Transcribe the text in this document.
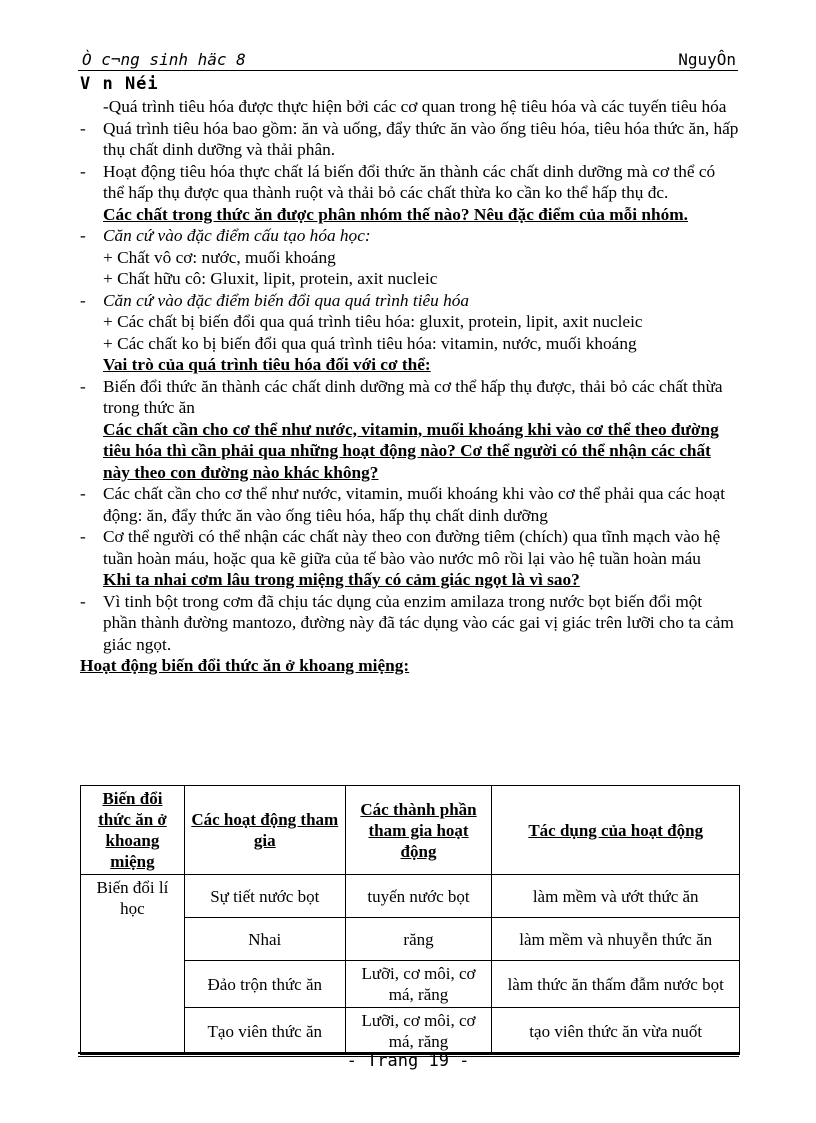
Ò c¬ng sinh häc 8	NguyÔn
V n Néi

-Quá trình tiêu hóa được thực hiện bởi các cơ quan trong hệ tiêu hóa và các tuyến tiêu hóa

- Quá trình tiêu hóa bao gồm: ăn và uống, đẩy thức ăn vào ống tiêu hóa, tiêu hóa thức ăn, hấp thụ chất dinh dưỡng và thải phân.

- Hoạt động tiêu hóa thực chất lá biến đổi thức ăn thành các chất dinh dưỡng mà cơ thể có thể hấp thụ được qua thành ruột và thải bỏ các chất thừa ko cần ko thể hấp thụ đc.

Các chất trong thức ăn được phân nhóm thế nào? Nêu đặc điểm của mỗi nhóm.

- Căn cứ vào đặc điểm cấu tạo hóa học:

+ Chất vô cơ: nước, muối khoáng

+ Chất hữu cô: Gluxit, lipit, protein, axit nucleic

- Căn cứ vào đặc điểm biến đổi qua quá trình tiêu hóa

+ Các chất bị biến đổi qua quá trình tiêu hóa: gluxit, protein, lipit, axit nucleic

+ Các chất ko bị biến đổi qua quá trình tiêu hóa: vitamin, nước, muối khoáng

Vai trò của quá trình tiêu hóa đối với cơ thể:

- Biến đổi thức ăn thành các chất dinh dưỡng mà cơ thể hấp thụ được, thải bỏ các chất thừa trong thức ăn

Các chất cần cho cơ thể như nước, vitamin, muối khoáng khi vào cơ thể theo đường tiêu hóa thì cần phải qua những hoạt động nào? Cơ thể người có thể nhận các chất này theo con đường nào khác không?

- Các chất cần cho cơ thể như nước, vitamin, muối khoáng khi vào cơ thể phải qua các hoạt động: ăn, đẩy thức ăn vào ống tiêu hóa, hấp thụ chất dinh dưỡng

- Cơ thể người có thể nhận các chất này theo con đường tiêm (chích) qua tĩnh mạch vào hệ tuần hoàn máu, hoặc qua kẽ giữa của tế bào vào nước mô rồi lại vào hệ tuần hoàn máu

Khi ta nhai cơm lâu trong miệng thấy có cảm giác ngọt là vì sao?

- Vì tinh bột trong cơm đã chịu tác dụng của enzim amilaza trong nước bọt biến đổi một phần thành đường mantozo, đường này đã tác dụng vào các gai vị giác trên lưỡi cho ta cảm giác ngọt.

Hoạt động biến đổi thức ăn ở khoang miệng:

Biến đổi thức ăn ở khoang miệng	Các hoạt động tham gia	Các thành phần tham gia hoạt động	Tác dụng của hoạt động
Biến đổi lí học	Sự tiết nước bọt	tuyến nước bọt	làm mềm và ướt thức ăn
	Nhai	răng	làm mềm và nhuyễn thức ăn
	Đảo trộn thức ăn	Lưỡi, cơ môi, cơ má, răng	làm thức ăn thấm đẫm nước bọt
	Tạo viên thức ăn	Lưỡi, cơ môi, cơ má, răng	tạo viên thức ăn vừa nuốt
- Trang 19 -
